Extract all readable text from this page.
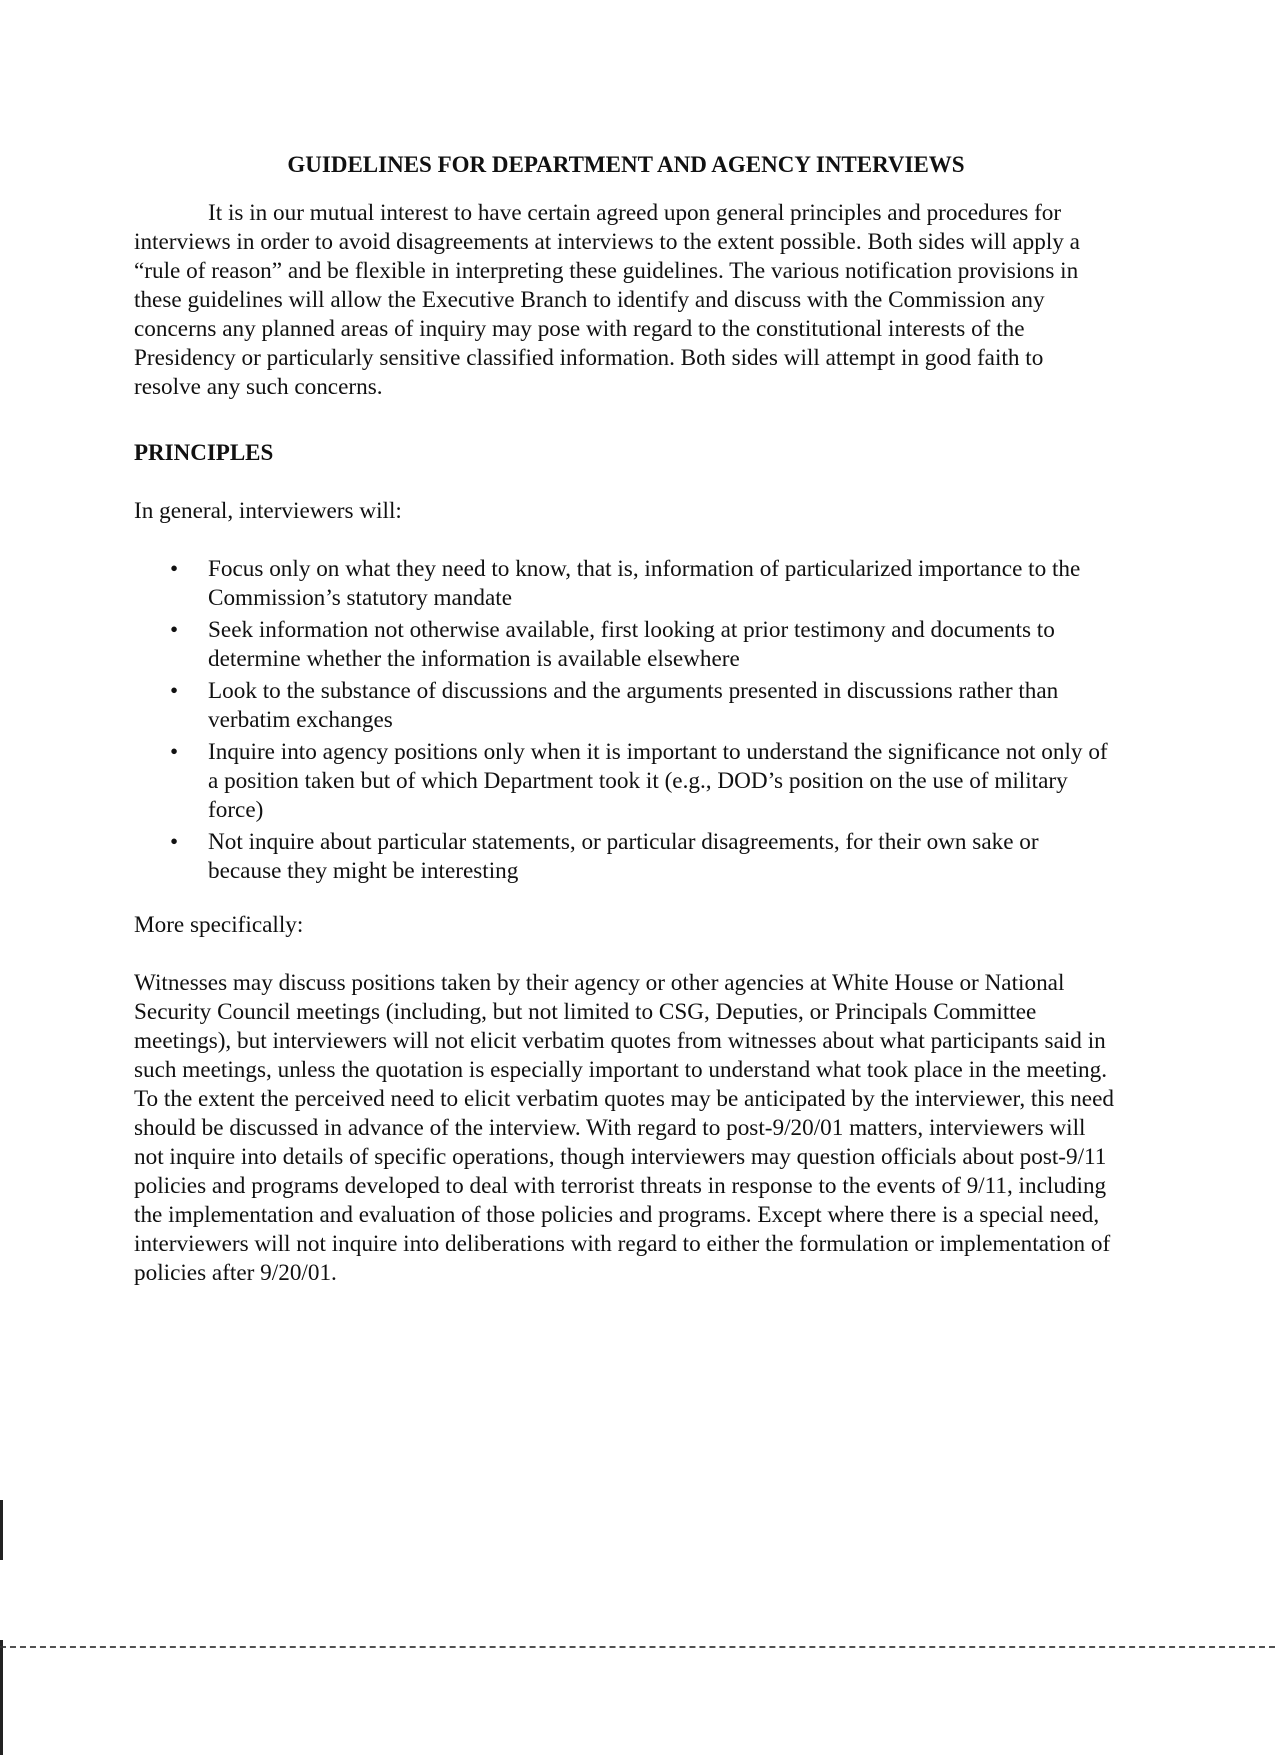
GUIDELINES FOR DEPARTMENT AND AGENCY INTERVIEWS

It is in our mutual interest to have certain agreed upon general principles and procedures for interviews in order to avoid disagreements at interviews to the extent possible. Both sides will apply a “rule of reason” and be flexible in interpreting these guidelines. The various notification provisions in these guidelines will allow the Executive Branch to identify and discuss with the Commission any concerns any planned areas of inquiry may pose with regard to the constitutional interests of the Presidency or particularly sensitive classified information. Both sides will attempt in good faith to resolve any such concerns.

PRINCIPLES

In general, interviewers will:

• Focus only on what they need to know, that is, information of particularized importance to the Commission’s statutory mandate
• Seek information not otherwise available, first looking at prior testimony and documents to determine whether the information is available elsewhere
• Look to the substance of discussions and the arguments presented in discussions rather than verbatim exchanges
• Inquire into agency positions only when it is important to understand the significance not only of a position taken but of which Department took it (e.g., DOD’s position on the use of military force)
• Not inquire about particular statements, or particular disagreements, for their own sake or because they might be interesting

More specifically:

Witnesses may discuss positions taken by their agency or other agencies at White House or National Security Council meetings (including, but not limited to CSG, Deputies, or Principals Committee meetings), but interviewers will not elicit verbatim quotes from witnesses about what participants said in such meetings, unless the quotation is especially important to understand what took place in the meeting. To the extent the perceived need to elicit verbatim quotes may be anticipated by the interviewer, this need should be discussed in advance of the interview. With regard to post-9/20/01 matters, interviewers will not inquire into details of specific operations, though interviewers may question officials about post-9/11 policies and programs developed to deal with terrorist threats in response to the events of 9/11, including the implementation and evaluation of those policies and programs. Except where there is a special need, interviewers will not inquire into deliberations with regard to either the formulation or implementation of policies after 9/20/01.
